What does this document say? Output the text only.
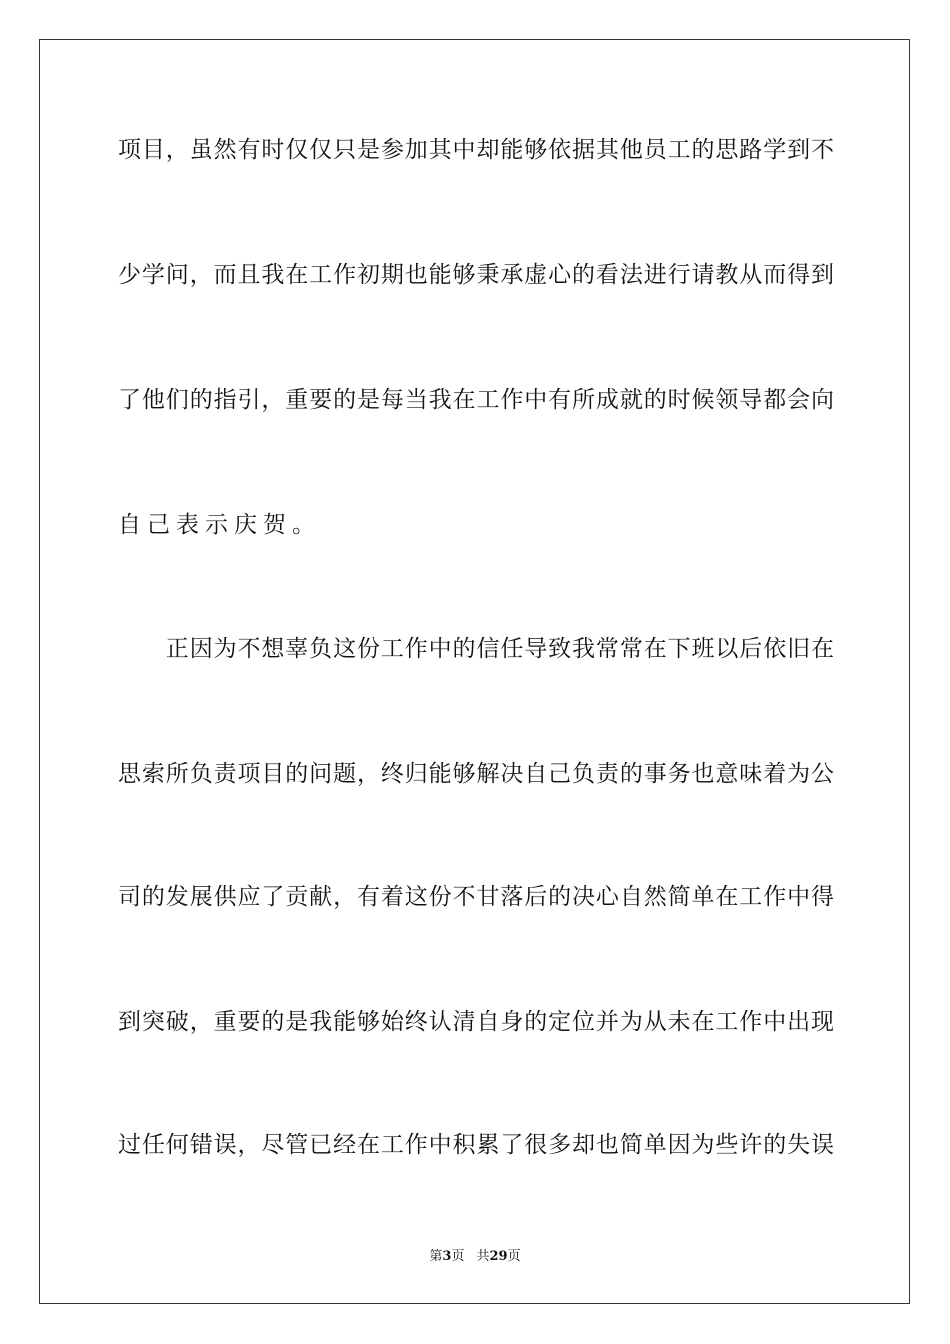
项目，虽然有时仅仅只是参加其中却能够依据其他员工的思路学到不
少学问，而且我在工作初期也能够秉承虚心的看法进行请教从而得到
了他们的指引，重要的是每当我在工作中有所成就的时候领导都会向
自己表示庆贺。
　　正因为不想辜负这份工作中的信任导致我常常在下班以后依旧在
思索所负责项目的问题，终归能够解决自己负责的事务也意味着为公
司的发展供应了贡献，有着这份不甘落后的决心自然简单在工作中得
到突破，重要的是我能够始终认清自身的定位并为从未在工作中出现
过任何错误，尽管已经在工作中积累了很多却也简单因为些许的失误
第3页 共29页
